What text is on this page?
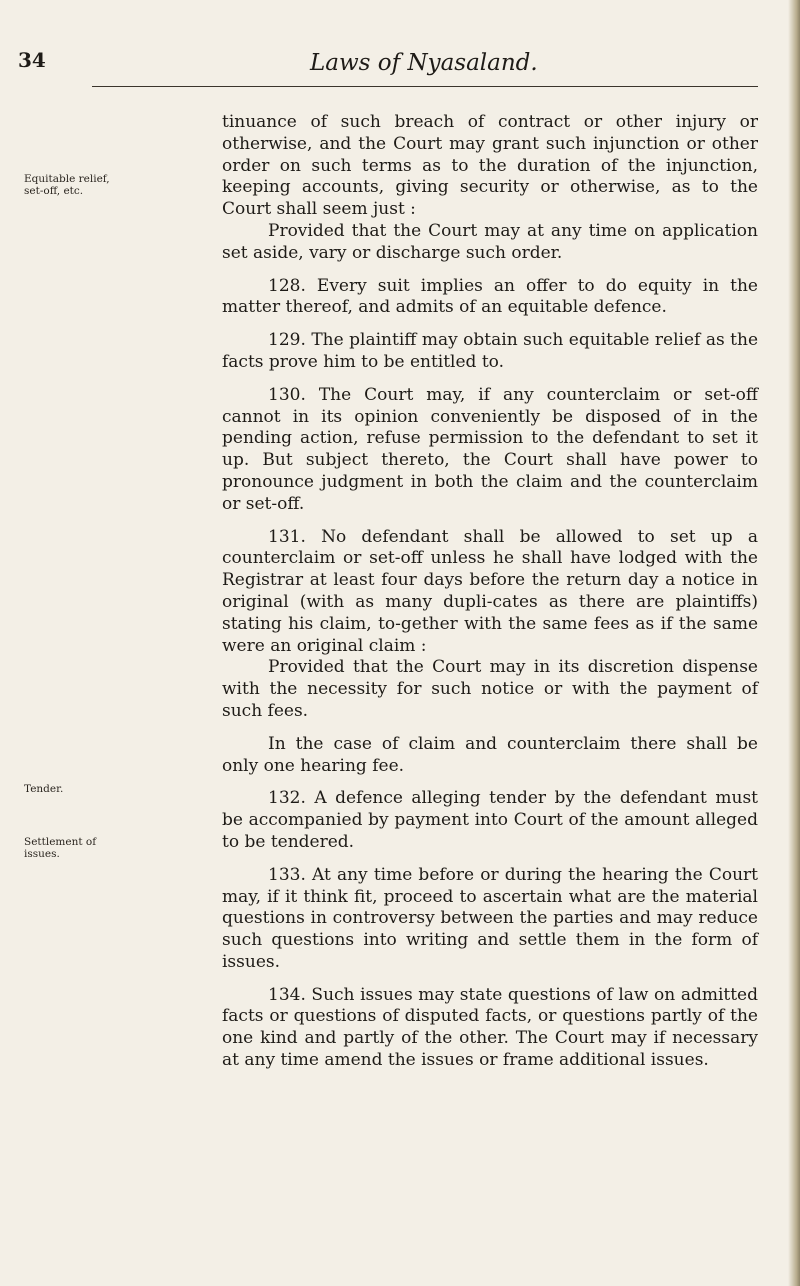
34	Laws of Nyasaland.
Equitable relief, set-off, etc.
Tender.
Settlement of issues.

tinuance of such breach of contract or other injury or otherwise, and the Court may grant such injunction or other order on such terms as to the duration of the injunction, keeping accounts, giving security or otherwise, as to the Court shall seem just :

Provided that the Court may at any time on application set aside, vary or discharge such order.

128. Every suit implies an offer to do equity in the matter thereof, and admits of an equitable defence.

129. The plaintiff may obtain such equitable relief as the facts prove him to be entitled to.

130. The Court may, if any counterclaim or set-off cannot in its opinion conveniently be disposed of in the pending action, refuse permission to the defendant to set it up. But subject thereto, the Court shall have power to pronounce judgment in both the claim and the counterclaim or set-off.

131. No defendant shall be allowed to set up a counterclaim or set-off unless he shall have lodged with the Registrar at least four days before the return day a notice in original (with as many dupli-cates as there are plaintiffs) stating his claim, to-gether with the same fees as if the same were an original claim :

Provided that the Court may in its discretion dispense with the necessity for such notice or with the payment of such fees.

In the case of claim and counterclaim there shall be only one hearing fee.

132. A defence alleging tender by the defendant must be accompanied by payment into Court of the amount alleged to be tendered.

133. At any time before or during the hearing the Court may, if it think fit, proceed to ascertain what are the material questions in controversy between the parties and may reduce such questions into writing and settle them in the form of issues.

134. Such issues may state questions of law on admitted facts or questions of disputed facts, or questions partly of the one kind and partly of the other. The Court may if necessary at any time amend the issues or frame additional issues.
